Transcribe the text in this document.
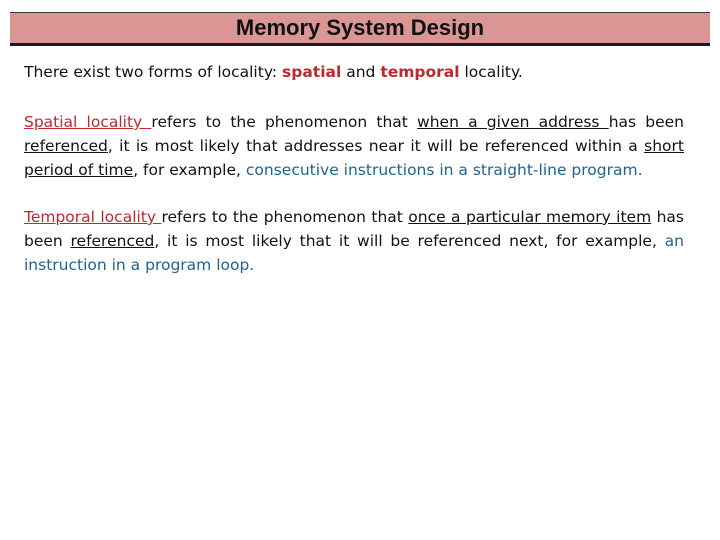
Memory System Design

There exist two forms of locality: spatial and temporal locality.

Spatial locality refers to the phenomenon that when a given address has been referenced, it is most likely that addresses near it will be referenced within a short period of time, for example, consecutive instructions in a straight-line program.

Temporal locality refers to the phenomenon that once a particular memory item has been referenced, it is most likely that it will be referenced next, for example, an instruction in a program loop.
